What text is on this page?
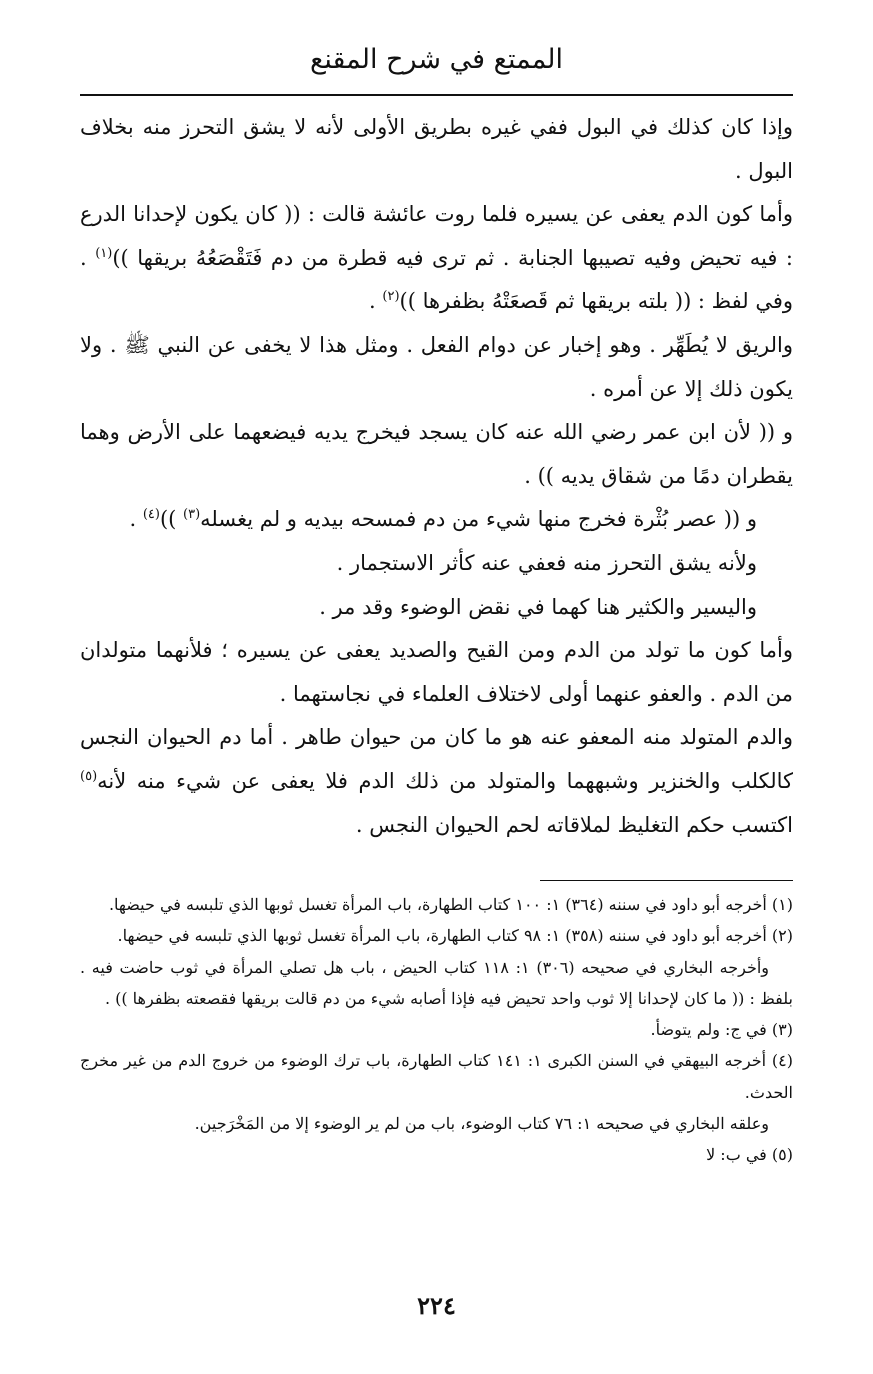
الممتع في شرح المقنع

وإذا كان كذلك في البول ففي غيره بطريق الأولى لأنه لا يشق التحرز منه بخلاف البول .

وأما كون الدم يعفى عن يسيره فلما روت عائشة قالت : (( كان يكون لإحدانا الدرع : فيه تحيض وفيه تصيبها الجنابة . ثم ترى فيه قطرة من دم فَتَقْصَعُهُ بريقها ))$^{(١)}$ . وفي لفظ : (( بلته بريقها ثم قَصعَتْهُ بظفرها ))$^{(٢)}$ .

والريق لا يُطَهِّر . وهو إخبار عن دوام الفعل . ومثل هذا لا يخفى عن النبي ﷺ . ولا يكون ذلك إلا عن أمره .

و (( لأن ابن عمر رضي الله عنه كان يسجد فيخرج يديه فيضعهما على الأرض وهما يقطران دمًا من شقاق يديه )) .

و (( عصر بُثْرة فخرج منها شيء من دم فمسحه بيديه و لم يغسله$^{(٣)}$ ))$^{(٤)}$ .

ولأنه يشق التحرز منه فعفي عنه كأثر الاستجمار .

واليسير والكثير هنا كهما في نقض الوضوء وقد مر .

وأما كون ما تولد من الدم ومن القيح والصديد يعفى عن يسيره ؛ فلأنهما متولدان من الدم . والعفو عنهما أولى لاختلاف العلماء في نجاستهما .

والدم المتولد منه المعفو عنه هو ما كان من حيوان طاهر . أما دم الحيوان النجس كالكلب والخنزير وشبههما والمتولد من ذلك الدم فلا يعفى عن شيء منه لأنه$^{(٥)}$ اكتسب حكم التغليظ لملاقاته لحم الحيوان النجس .

(١) أخرجه أبو داود في سننه (٣٦٤) ١: ١٠٠ كتاب الطهارة، باب المرأة تغسل ثوبها الذي تلبسه في حيضها.

(٢) أخرجه أبو داود في سننه (٣٥٨) ١: ٩٨ كتاب الطهارة، باب المرأة تغسل ثوبها الذي تلبسه في حيضها.

وأخرجه البخاري في صحيحه (٣٠٦) ١: ١١٨ كتاب الحيض ، باب هل تصلي المرأة في ثوب حاضت فيه . بلفظ : (( ما كان لإحدانا إلا ثوب واحد تحيض فيه فإذا أصابه شيء من دم قالت بريقها فقصعته بظفرها )) .

(٣) في ج: ولم يتوضأ.

(٤) أخرجه البيهقي في السنن الكبرى ١: ١٤١ كتاب الطهارة، باب ترك الوضوء من خروج الدم من غير مخرج الحدث.

وعلقه البخاري في صحيحه ١: ٧٦ كتاب الوضوء، باب من لم ير الوضوء إلا من المَخْرَجين.

(٥) في ب: لا

٢٢٤
